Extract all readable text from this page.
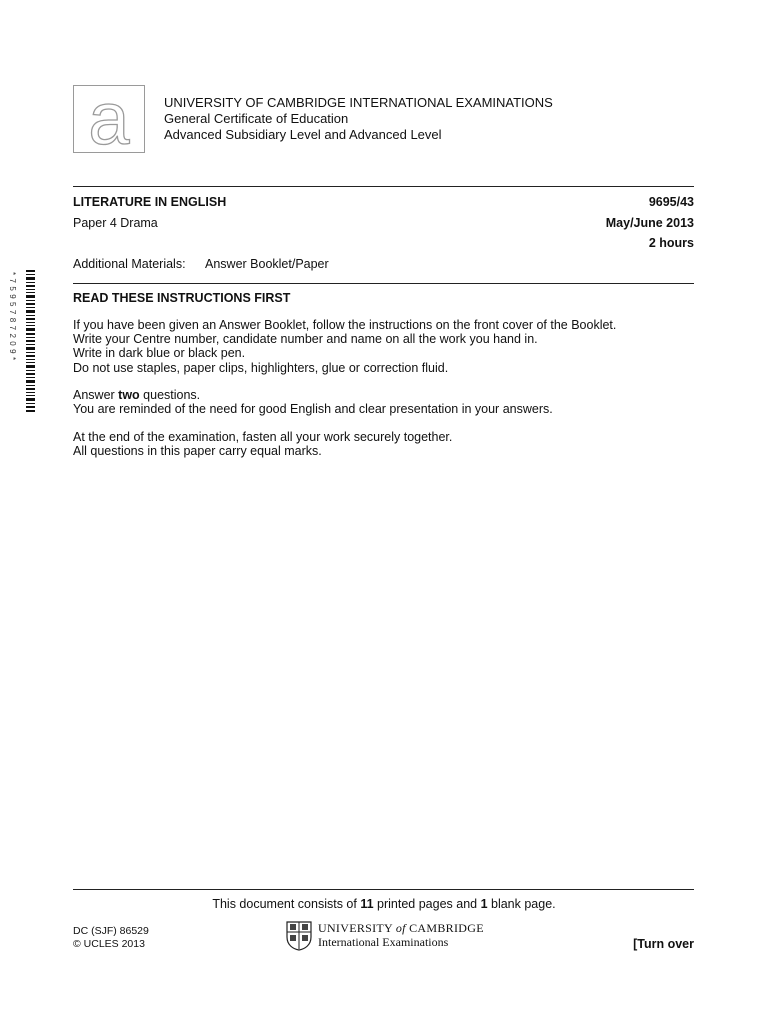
a	UNIVERSITY OF CAMBRIDGE INTERNATIONAL EXAMINATIONS
General Certificate of Education
Advanced Subsidiary Level and Advanced Level
LITERATURE IN ENGLISH	9695/43
Paper 4 Drama	May/June 2013
2 hours
Additional Materials: Answer Booklet/Paper
*7595787209*	READ THESE INSTRUCTIONS FIRST
If you have been given an Answer Booklet, follow the instructions on the front cover of the Booklet.
Write your Centre number, candidate number and name on all the work you hand in.
Write in dark blue or black pen.
Do not use staples, paper clips, highlighters, glue or correction fluid.
Answer two questions.
You are reminded of the need for good English and clear presentation in your answers.
At the end of the examination, fasten all your work securely together.
All questions in this paper carry equal marks.
This document consists of 11 printed pages and 1 blank page.
DC (SJF) 86529
© UCLES 2013
UNIVERSITY of CAMBRIDGE
International Examinations	[Turn over
